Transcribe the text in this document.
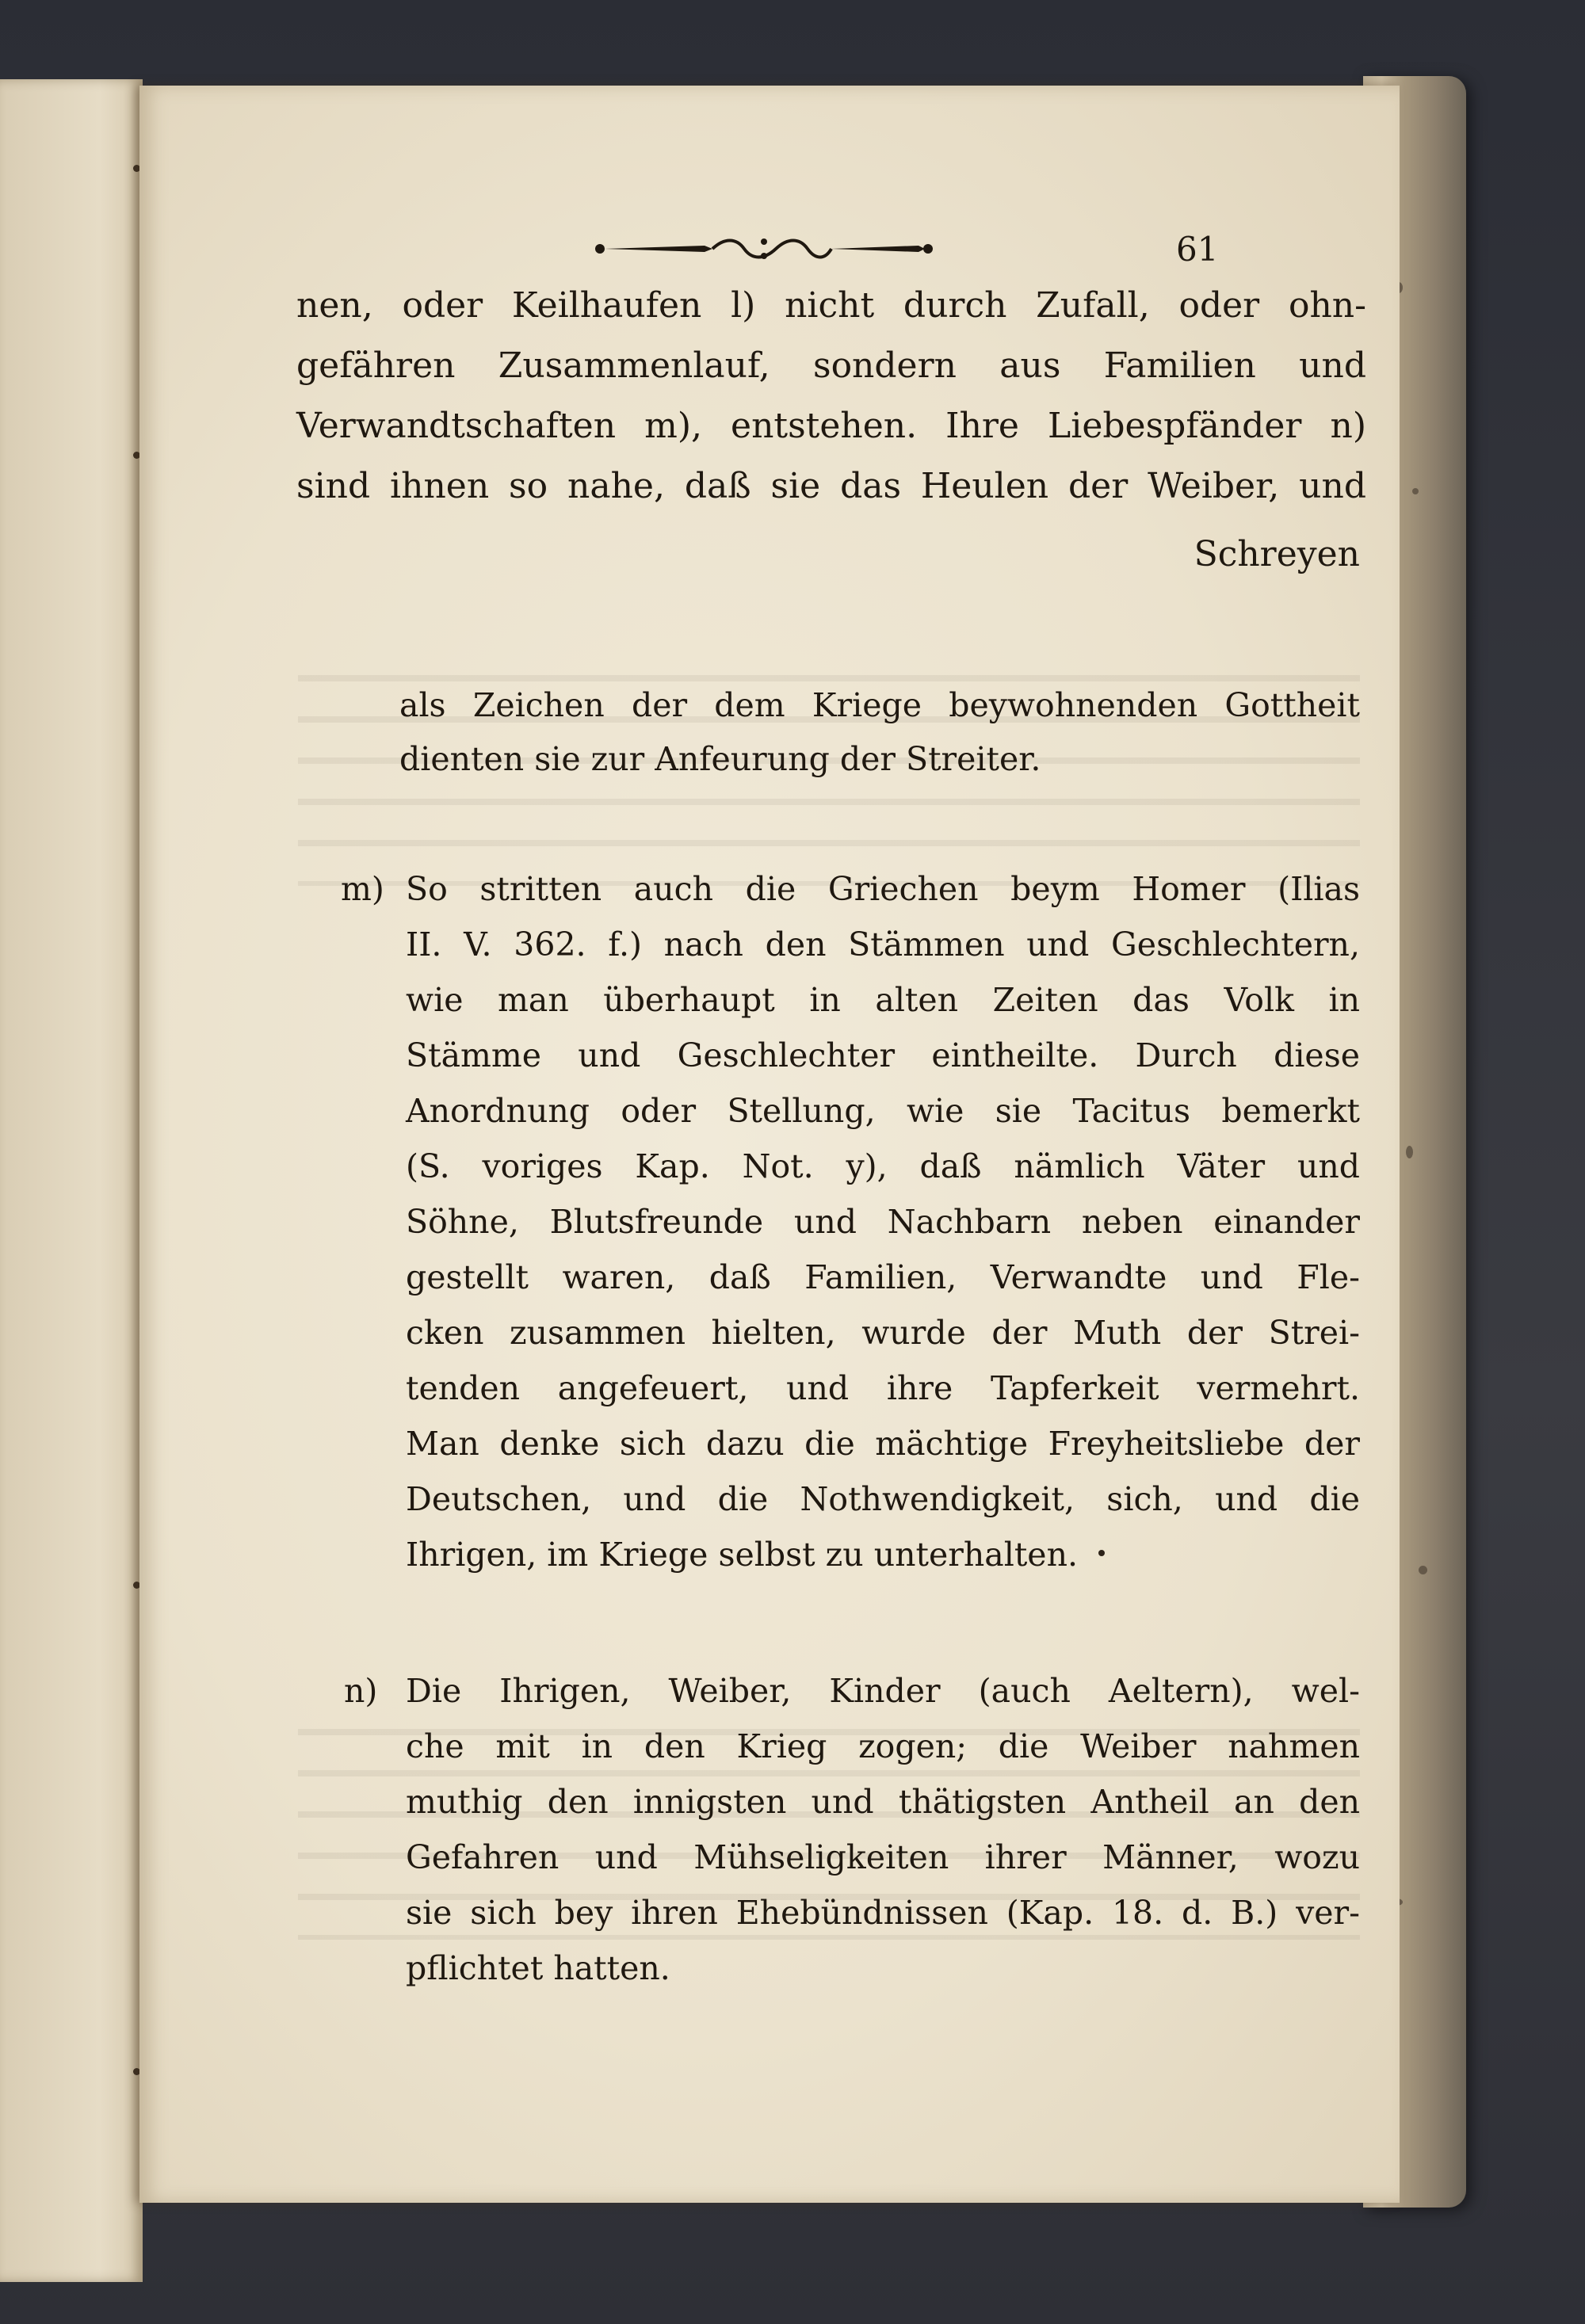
61
nen, oder Keilhaufen l) nicht durch Zufall, oder ohn-
gefähren Zusammenlauf, sondern aus Familien und
Verwandtschaften m), entstehen. Ihre Liebespfänder n)
sind ihnen so nahe, daß sie das Heulen der Weiber, und
Schreyen
als Zeichen der dem Kriege beywohnenden Gottheit
dienten sie zur Anfeurung der Streiter.
m) So stritten auch die Griechen beym Homer (Ilias
II. V. 362. f.) nach den Stämmen und Geschlechtern,
wie man überhaupt in alten Zeiten das Volk in
Stämme und Geschlechter eintheilte. Durch diese
Anordnung oder Stellung, wie sie Tacitus bemerkt
(S. voriges Kap. Not. y), daß nämlich Väter und
Söhne, Blutsfreunde und Nachbarn neben einander
gestellt waren, daß Familien, Verwandte und Fle-
cken zusammen hielten, wurde der Muth der Strei-
tenden angefeuert, und ihre Tapferkeit vermehrt.
Man denke sich dazu die mächtige Freyheitsliebe der
Deutschen, und die Nothwendigkeit, sich, und die
Ihrigen, im Kriege selbst zu unterhalten.
n) Die Ihrigen, Weiber, Kinder (auch Aeltern), wel-
che mit in den Krieg zogen; die Weiber nahmen
muthig den innigsten und thätigsten Antheil an den
Gefahren und Mühseligkeiten ihrer Männer, wozu
sie sich bey ihren Ehebündnissen (Kap. 18. d. B.) ver-
pflichtet hatten.
